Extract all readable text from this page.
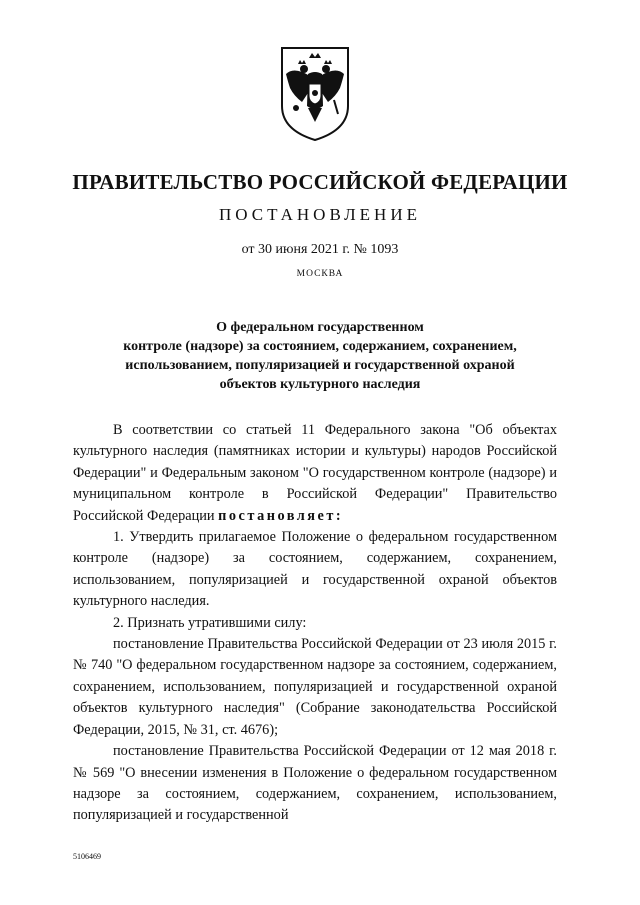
ПРАВИТЕЛЬСТВО РОССИЙСКОЙ ФЕДЕРАЦИИ
ПОСТАНОВЛЕНИЕ
от 30 июня 2021 г. № 1093
МОСКВА
О федеральном государственном
контроле (надзоре) за состоянием, содержанием, сохранением,
использованием, популяризацией и государственной охраной
объектов культурного наследия

В соответствии со статьей 11 Федерального закона "Об объектах культурного наследия (памятниках истории и культуры) народов Российской Федерации" и Федеральным законом "О государственном контроле (надзоре) и муниципальном контроле в Российской Федерации" Правительство Российской Федерации постановляет:

1. Утвердить прилагаемое Положение о федеральном государственном контроле (надзоре) за состоянием, содержанием, сохранением, использованием, популяризацией и государственной охраной объектов культурного наследия.

2. Признать утратившими силу:

постановление Правительства Российской Федерации от 23 июля 2015 г. № 740 "О федеральном государственном надзоре за состоянием, содержанием, сохранением, использованием, популяризацией и государственной охраной объектов культурного наследия" (Собрание законодательства Российской Федерации, 2015, № 31, ст. 4676);

постановление Правительства Российской Федерации от 12 мая 2018 г. № 569 "О внесении изменения в Положение о федеральном государственном надзоре за состоянием, содержанием, сохранением, использованием, популяризацией и государственной

5106469
